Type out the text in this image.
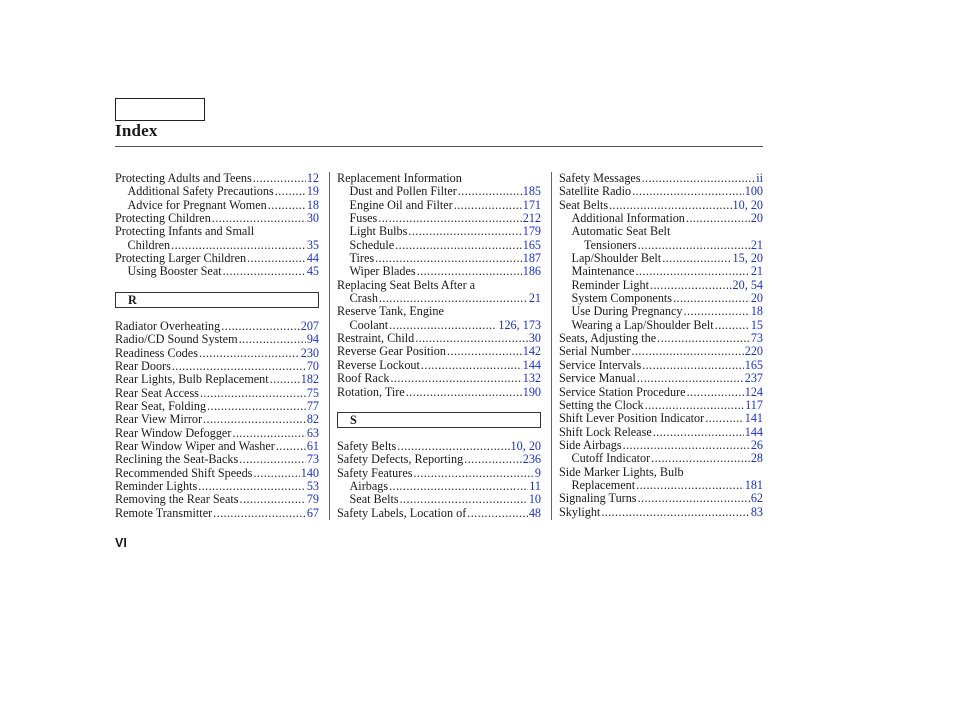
Index
Protecting Adults and Teens .....	12
Additional Safety Precautions .....	19
Advice for Pregnant Women .....	18
Protecting Children .....	30
Protecting Infants and Small
Children .....	35
Protecting Larger Children .....	44
Using Booster Seat .....	45
R
Radiator Overheating .....	207
Radio/CD Sound System .....	94
Readiness Codes .....	230
Rear Doors .....	70
Rear Lights, Bulb Replacement .....	182
Rear Seat Access .....	75
Rear Seat, Folding .....	77
Rear View Mirror .....	82
Rear Window Defogger .....	63
Rear Window Wiper and Washer .....	61
Reclining the Seat-Backs .....	73
Recommended Shift Speeds .....	140
Reminder Lights .....	53
Removing the Rear Seats .....	79
Remote Transmitter .....	67
Replacement Information
Dust and Pollen Filter .....	185
Engine Oil and Filter .....	171
Fuses .....	212
Light Bulbs .....	179
Schedule .....	165
Tires .....	187
Wiper Blades .....	186
Replacing Seat Belts After a
Crash .....	21
Reserve Tank, Engine
Coolant .....	126, 173
Restraint, Child .....	30
Reverse Gear Position .....	142
Reverse Lockout .....	144
Roof Rack .....	132
Rotation, Tire .....	190
S
Safety Belts .....	10, 20
Safety Defects, Reporting .....	236
Safety Features .....	9
Airbags .....	11
Seat Belts .....	10
Safety Labels, Location of .....	48
Safety Messages .....	ii
Satellite Radio .....	100
Seat Belts .....	10, 20
Additional Information .....	20
Automatic Seat Belt
Tensioners .....	21
Lap/Shoulder Belt .....	15, 20
Maintenance .....	21
Reminder Light .....	20, 54
System Components .....	20
Use During Pregnancy .....	18
Wearing a Lap/Shoulder Belt .....	15
Seats, Adjusting the .....	73
Serial Number .....	220
Service Intervals .....	165
Service Manual .....	237
Service Station Procedure .....	124
Setting the Clock .....	117
Shift Lever Position Indicator .....	141
Shift Lock Release .....	144
Side Airbags .....	26
Cutoff Indicator .....	28
Side Marker Lights, Bulb
Replacement .....	181
Signaling Turns .....	62
Skylight .....	83
VI
